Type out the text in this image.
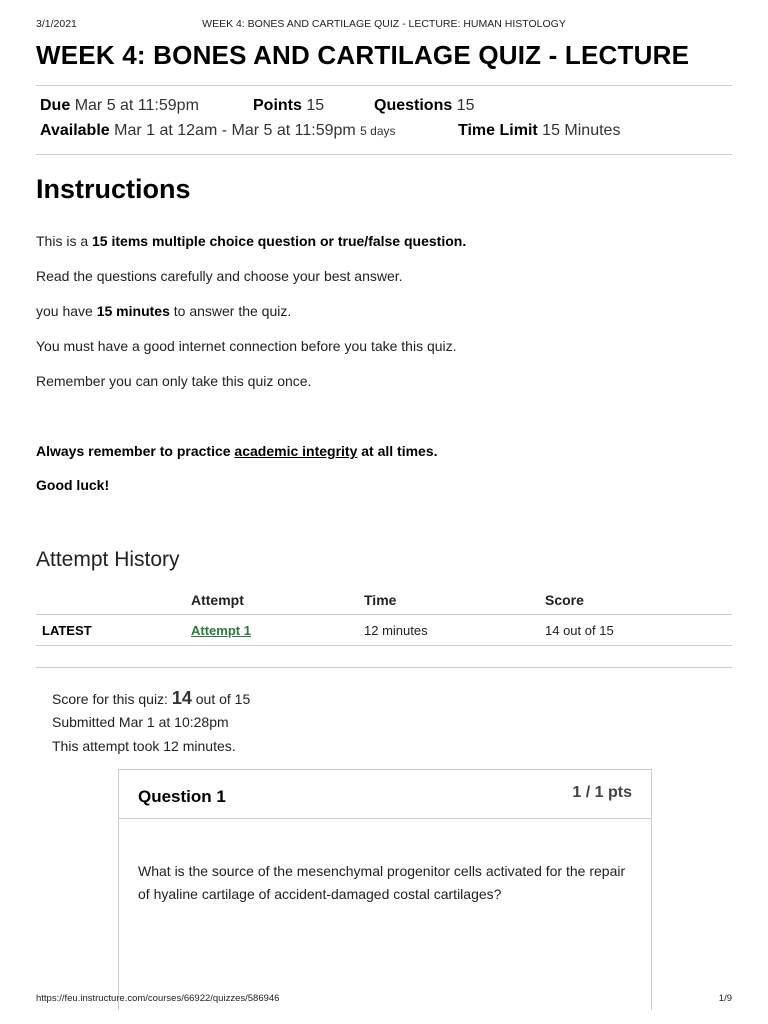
3/1/2021	WEEK 4: BONES AND CARTILAGE QUIZ - LECTURE: HUMAN HISTOLOGY
WEEK 4: BONES AND CARTILAGE QUIZ - LECTURE
Due Mar 5 at 11:59pm	Points 15	Questions 15
Available Mar 1 at 12am - Mar 5 at 11:59pm 5 days	Time Limit 15 Minutes
Instructions
This is a 15 items multiple choice question or true/false question.
Read the questions carefully and choose your best answer.
you have 15 minutes to answer the quiz.
You must have a good internet connection before you take this quiz.
Remember you can only take this quiz once.
Always remember to practice academic integrity at all times.
Good luck!
Attempt History
	Attempt	Time	Score
LATEST	Attempt 1	12 minutes	14 out of 15
Score for this quiz: 14 out of 15
Submitted Mar 1 at 10:28pm
This attempt took 12 minutes.
Question 1	1 / 1 pts
What is the source of the mesenchymal progenitor cells activated for the repair of hyaline cartilage of accident-damaged costal cartilages?
https://feu.instructure.com/courses/66922/quizzes/586946	1/9
